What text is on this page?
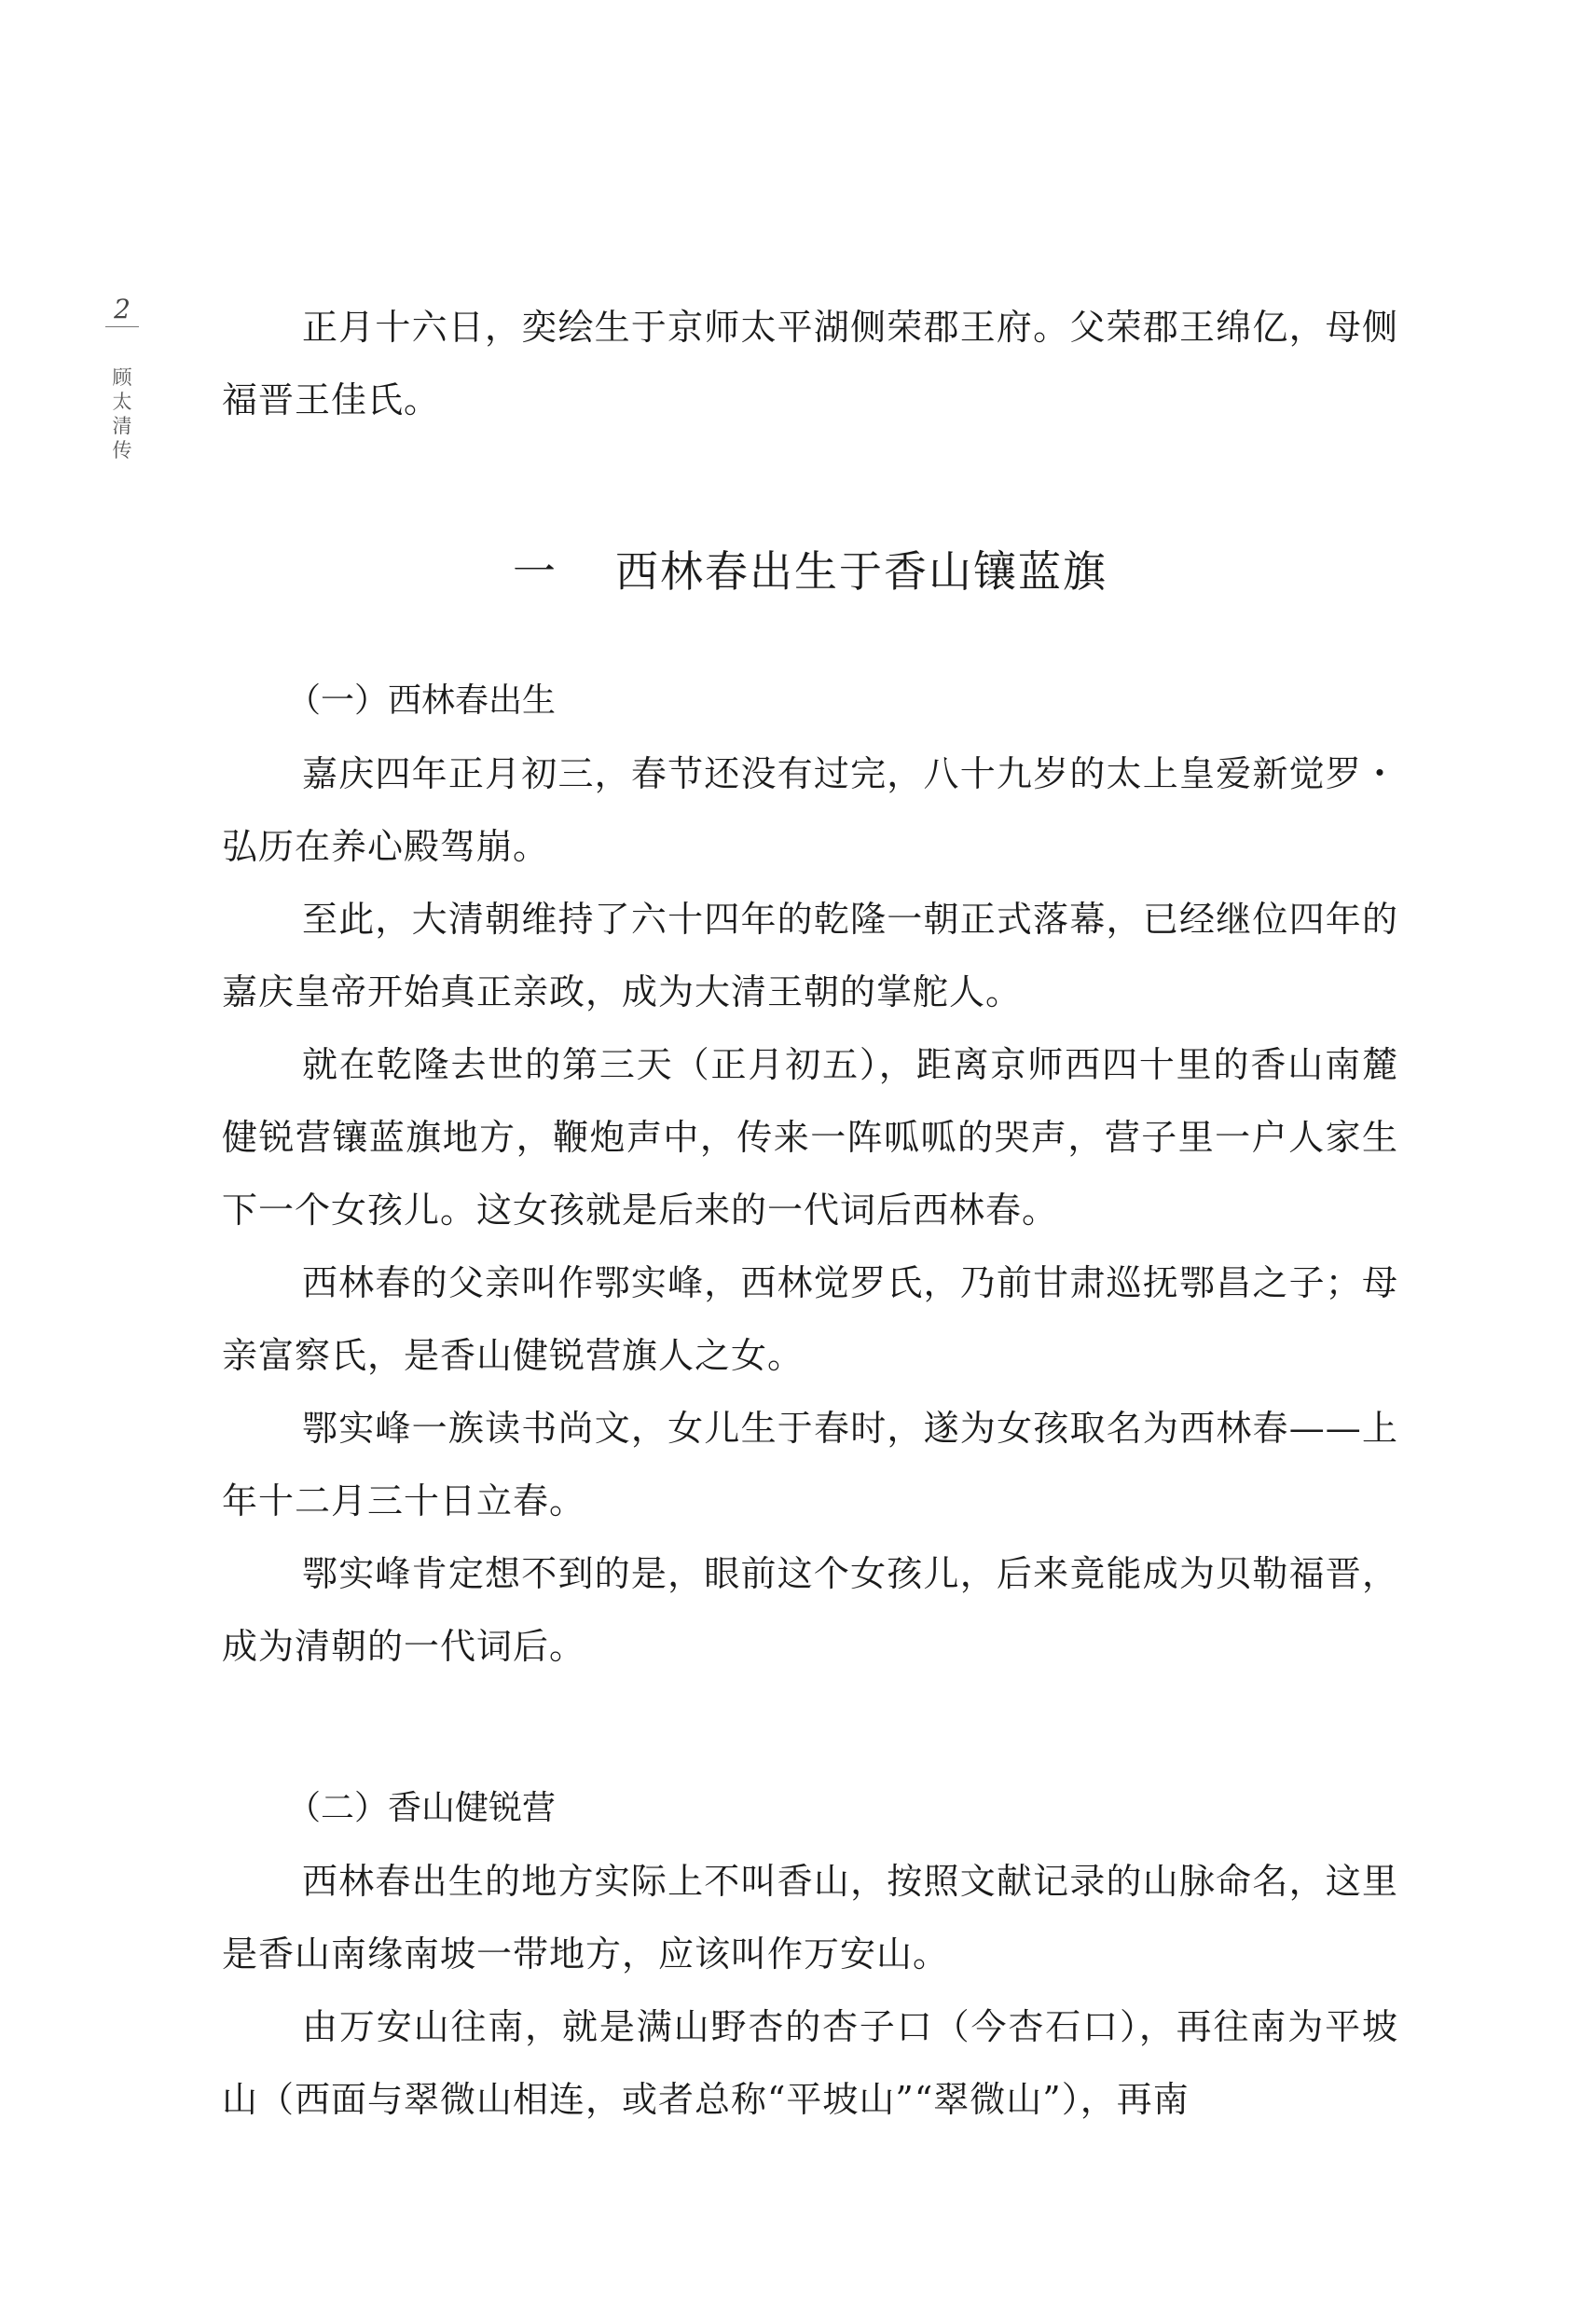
2
顾太清传

正月十六日，奕绘生于京师太平湖侧荣郡王府。父荣郡王绵亿，母侧福晋王佳氏。

一 西林春出生于香山镶蓝旗
（一）西林春出生

嘉庆四年正月初三，春节还没有过完，八十九岁的太上皇爱新觉罗・弘历在养心殿驾崩。

至此，大清朝维持了六十四年的乾隆一朝正式落幕，已经继位四年的嘉庆皇帝开始真正亲政，成为大清王朝的掌舵人。

就在乾隆去世的第三天（正月初五），距离京师西四十里的香山南麓健锐营镶蓝旗地方，鞭炮声中，传来一阵呱呱的哭声，营子里一户人家生下一个女孩儿。这女孩就是后来的一代词后西林春。

西林春的父亲叫作鄂实峰，西林觉罗氏，乃前甘肃巡抚鄂昌之子；母亲富察氏，是香山健锐营旗人之女。

鄂实峰一族读书尚文，女儿生于春时，遂为女孩取名为西林春——上年十二月三十日立春。

鄂实峰肯定想不到的是，眼前这个女孩儿，后来竟能成为贝勒福晋，成为清朝的一代词后。

（二）香山健锐营

西林春出生的地方实际上不叫香山，按照文献记录的山脉命名，这里是香山南缘南坡一带地方，应该叫作万安山。

由万安山往南，就是满山野杏的杏子口（今杏石口），再往南为平坡山（西面与翠微山相连，或者总称“平坡山”“翠微山”），再南
